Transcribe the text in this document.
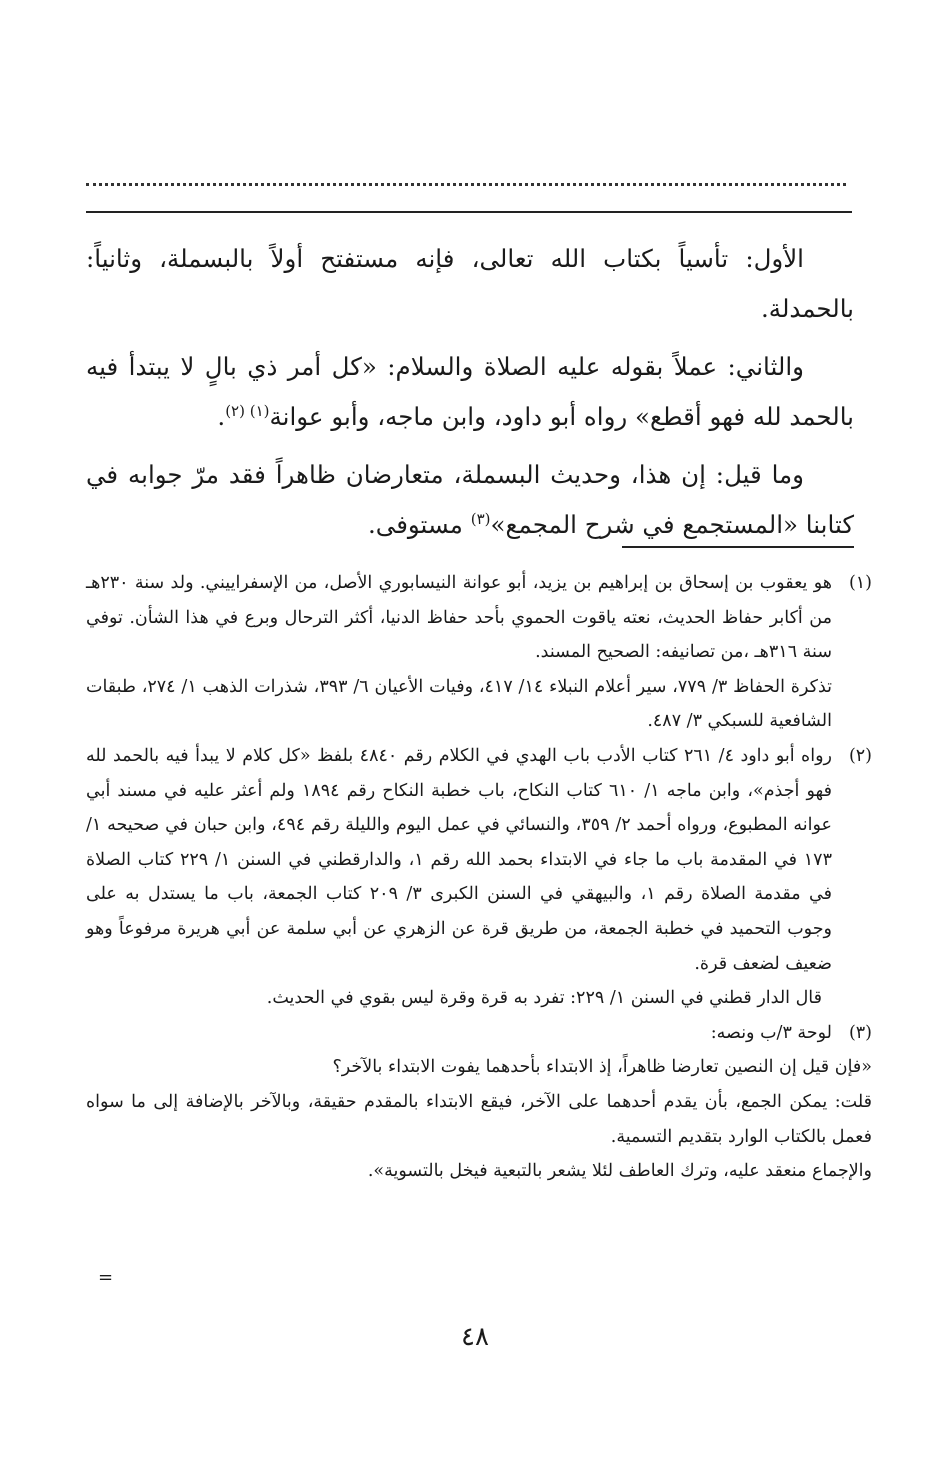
الأول: تأسياً بكتاب الله تعالى، فإنه مستفتح أولاً بالبسملة، وثانياً: بالحمدلة.

والثاني: عملاً بقوله عليه الصلاة والسلام: «كل أمر ذي بالٍ لا يبتدأ فيه بالحمد لله فهو أقطع» رواه أبو داود، وابن ماجه، وأبو عوانة$^{(١) (٢)}$.

وما قيل: إن هذا، وحديث البسملة، متعارضان ظاهراً فقد مرّ جوابه في كتابنا «المستجمع في شرح المجمع»$^{(٣)}$ مستوفى.

(١)

هو يعقوب بن إسحاق بن إبراهيم بن يزيد، أبو عوانة النيسابوري الأصل، من الإسفراييني. ولد سنة ٢٣٠هـ من أكابر حفاظ الحديث، نعته ياقوت الحموي بأحد حفاظ الدنيا، أكثر الترحال وبرع في هذا الشأن. توفي سنة ٣١٦هـ ،من تصانيفه: الصحيح المسند.

تذكرة الحفاظ ٣/ ٧٧٩، سير أعلام النبلاء ١٤/ ٤١٧، وفيات الأعيان ٦/ ٣٩٣، شذرات الذهب ١/ ٢٧٤، طبقات الشافعية للسبكي ٣/ ٤٨٧.

(٢)

رواه أبو داود ٤/ ٢٦١ كتاب الأدب باب الهدي في الكلام رقم ٤٨٤٠ بلفظ «كل كلام لا يبدأ فيه بالحمد لله فهو أجذم»، وابن ماجه ١/ ٦١٠ كتاب النكاح، باب خطبة النكاح رقم ١٨٩٤ ولم أعثر عليه في مسند أبي عوانه المطبوع، ورواه أحمد ٢/ ٣٥٩، والنسائي في عمل اليوم والليلة رقم ٤٩٤، وابن حبان في صحيحه ١/ ١٧٣ في المقدمة باب ما جاء في الابتداء بحمد الله رقم ١، والدارقطني في السنن ١/ ٢٢٩ كتاب الصلاة في مقدمة الصلاة رقم ١، والبيهقي في السنن الكبرى ٣/ ٢٠٩ كتاب الجمعة، باب ما يستدل به على وجوب التحميد في خطبة الجمعة، من طريق قرة عن الزهري عن أبي سلمة عن أبي هريرة مرفوعاً وهو ضعيف لضعف قرة.

قال الدار قطني في السنن ١/ ٢٢٩: تفرد به قرة وقرة ليس بقوي في الحديث.

(٣)

لوحة ٣/ب ونصه:

«فإن قيل إن النصين تعارضا ظاهراً، إذ الابتداء بأحدهما يفوت الابتداء بالآخر؟

قلت: يمكن الجمع، بأن يقدم أحدهما على الآخر، فيقع الابتداء بالمقدم حقيقة، وبالآخر بالإضافة إلى ما سواه فعمل بالكتاب الوارد بتقديم التسمية.

والإجماع منعقد عليه، وترك العاطف لئلا يشعر بالتبعية فيخل بالتسوية».

=
٤٨
